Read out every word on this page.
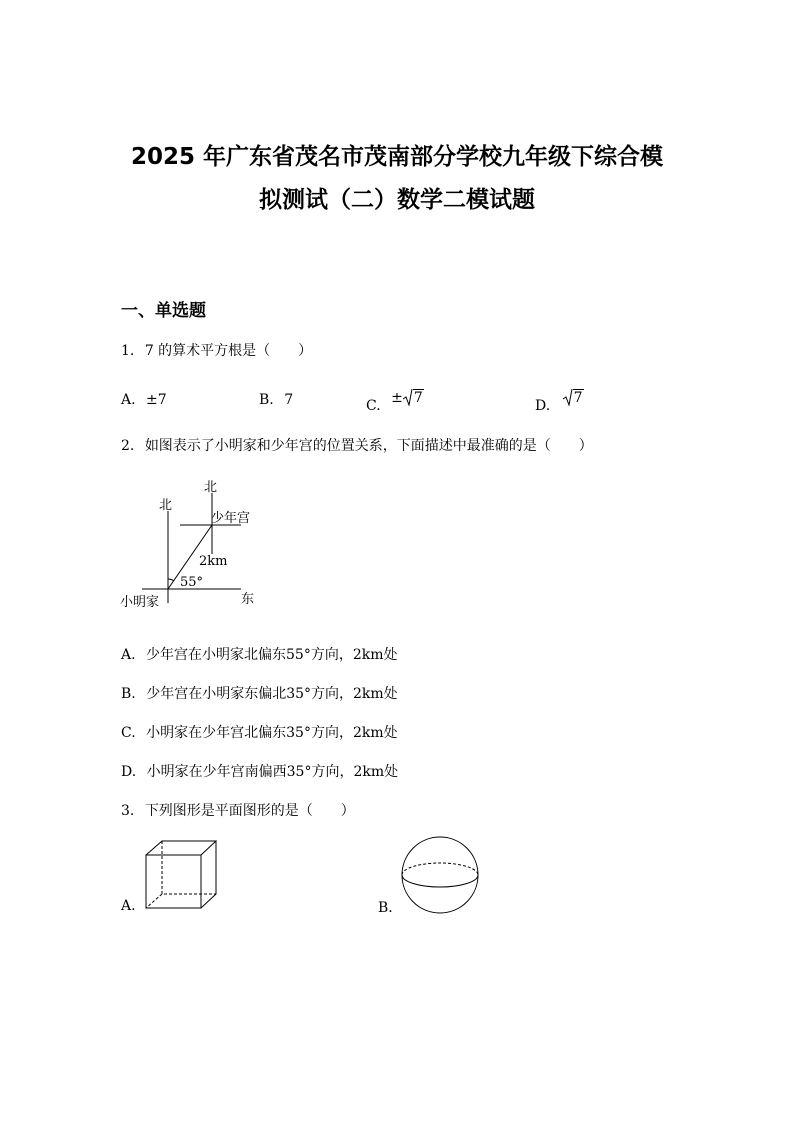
2025 年广东省茂名市茂南部分学校九年级下综合模
拟测试（二）数学二模试题
一、单选题
1. 7 的算术平方根是（　　）
A. ±7	B. 7	C. ± 7	D. 7
2. 如图表示了小明家和少年宫的位置关系，下面描述中最准确的是（　　）
北
北
少年宫
2km
55°
小明家	东
A. 少年宫在小明家北偏东55°方向，2km处
B. 少年宫在小明家东偏北35°方向，2km处
C. 小明家在少年宫北偏东35°方向，2km处
D. 小明家在少年宫南偏西35°方向，2km处
3. 下列图形是平面图形的是（　　）
A.	B.
